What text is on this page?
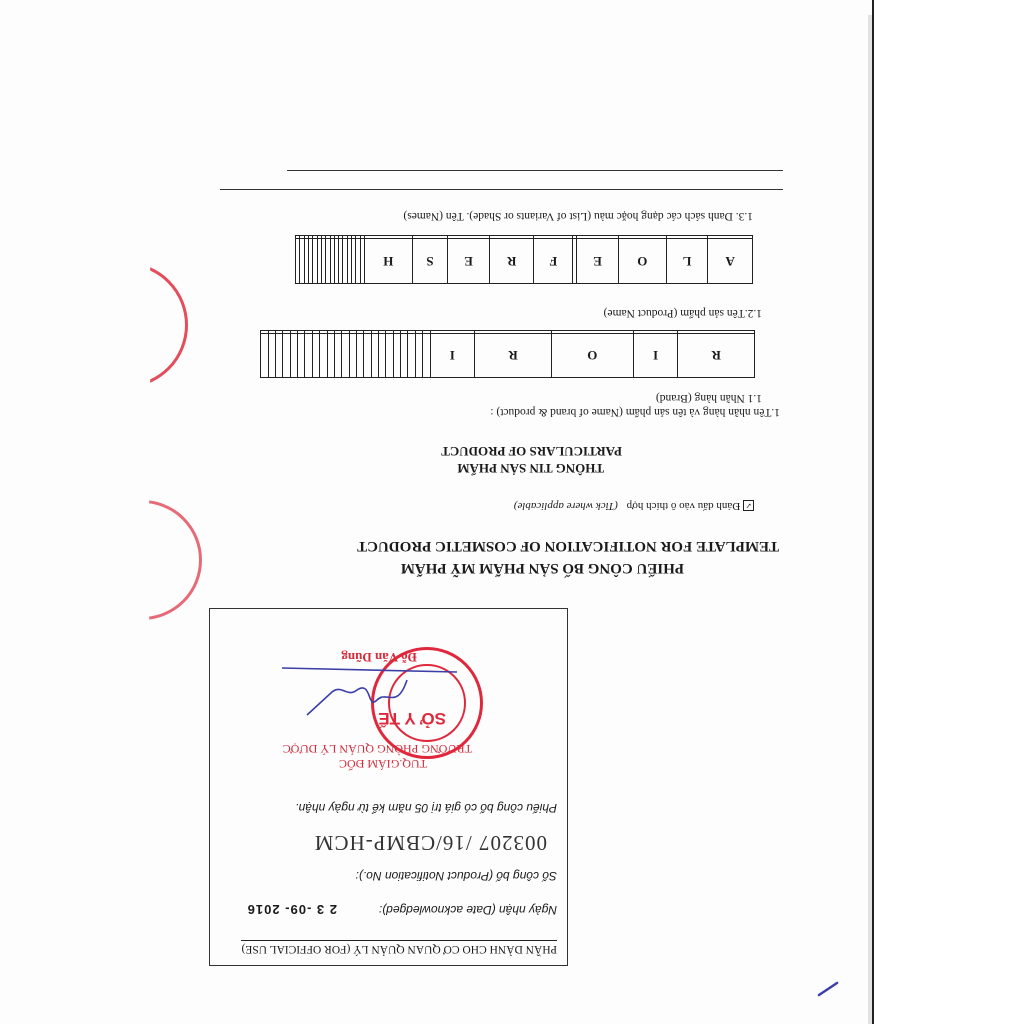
PHẦN DÀNH CHO CƠ QUAN QUẢN LÝ (FOR OFFICIAL USE)
Ngày nhận (Date acknowledged):
2 3 -09- 2016
Số công bố (Product Notification No.):
003207 /16/CBMP-HCM
Phiếu công bố có giá trị 05 năm kể từ ngày nhận.
TUQ.GIÁM ĐỐC
TRƯỞNG PHÒNG QUẢN LÝ DƯỢC
SỞ Y TẾ
Đỗ Văn Dũng
PHIẾU CÔNG BỐ SẢN PHẨM MỸ PHẨM
TEMPLATE FOR NOTIFICATION OF COSMETIC PRODUCT
✓ Đánh dấu vào ô thích hợp (Tick where applicable)
THÔNG TIN SẢN PHẨM
PARTICULARS OF PRODUCT
1.Tên nhãn hàng và tên sản phẩm (Name of brand & product) :
1.1 Nhãn hàng (Brand)
R	I	O	R	I																							

1.2.Tên sản phẩm (Product Name)
A	L	O	E		F	R	E	S	H																

1.3. Danh sách các dạng hoặc màu (List of Variants or Shade). Tên (Names)
